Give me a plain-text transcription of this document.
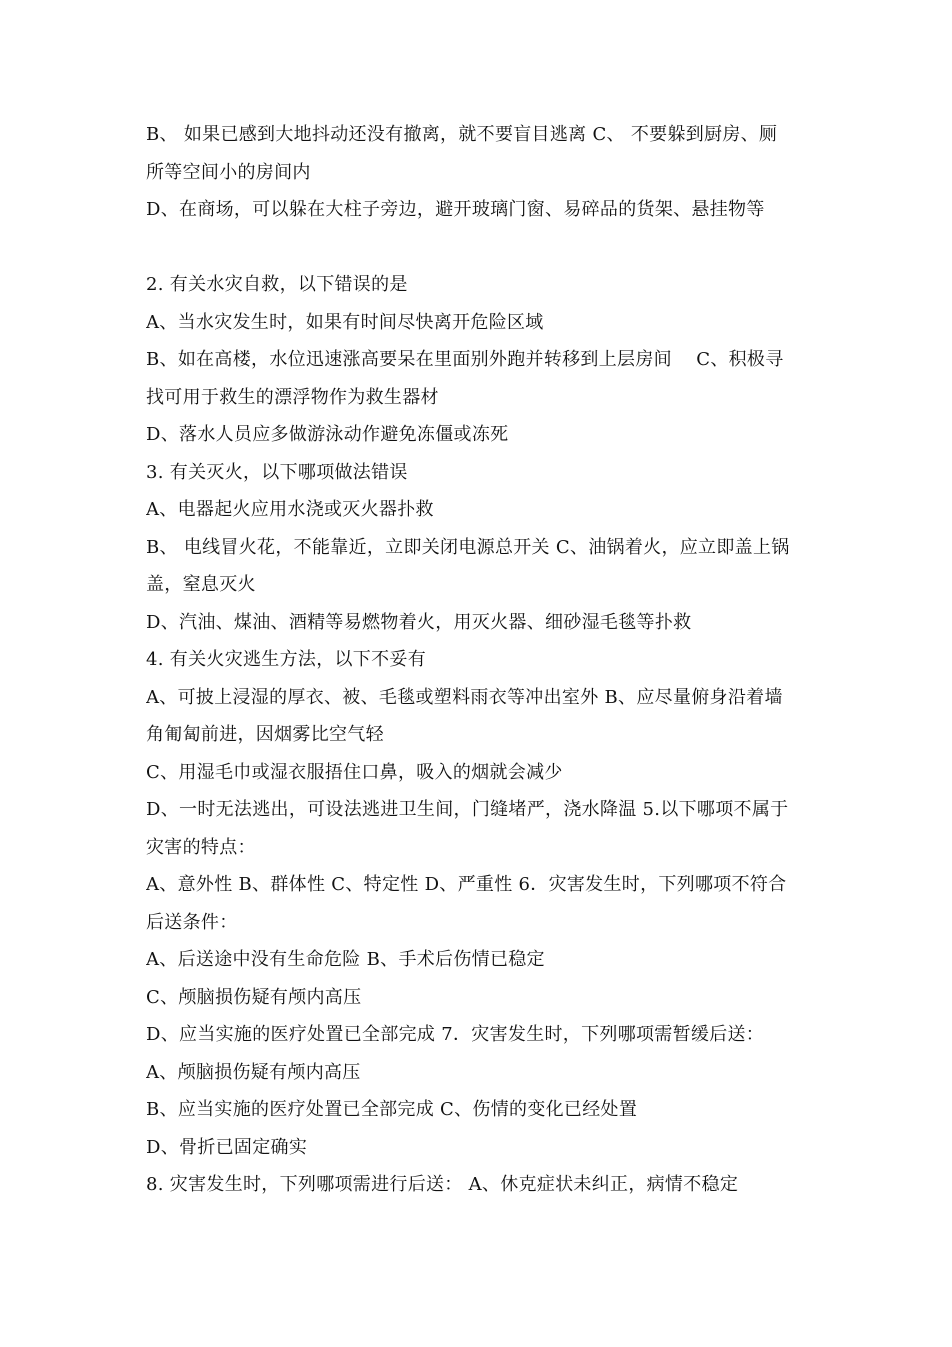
B、 如果已感到大地抖动还没有撤离，就不要盲目逃离 C、 不要躲到厨房、厕
所等空间小的房间内
D、在商场，可以躲在大柱子旁边，避开玻璃门窗、易碎品的货架、悬挂物等
2. 有关水灾自救，以下错误的是
A、当水灾发生时，如果有时间尽快离开危险区域
B、如在高楼，水位迅速涨高要呆在里面别外跑并转移到上层房间　 C、积极寻
找可用于救生的漂浮物作为救生器材
D、落水人员应多做游泳动作避免冻僵或冻死
3. 有关灭火，以下哪项做法错误
A、电器起火应用水浇或灭火器扑救
B、 电线冒火花，不能靠近，立即关闭电源总开关 C、油锅着火，应立即盖上锅
盖，窒息灭火
D、汽油、煤油、酒精等易燃物着火，用灭火器、细砂湿毛毯等扑救
4. 有关火灾逃生方法，以下不妥有
A、可披上浸湿的厚衣、被、毛毯或塑料雨衣等冲出室外 B、应尽量俯身沿着墙
角匍匐前进，因烟雾比空气轻
C、用湿毛巾或湿衣服捂住口鼻，吸入的烟就会减少
D、一时无法逃出，可设法逃进卫生间，门缝堵严，浇水降温 5.以下哪项不属于
灾害的特点：
A、意外性 B、群体性 C、特定性 D、严重性 6．灾害发生时，下列哪项不符合
后送条件：
A、后送途中没有生命危险 B、手术后伤情已稳定
C、颅脑损伤疑有颅内高压
D、应当实施的医疗处置已全部完成 7．灾害发生时，下列哪项需暂缓后送：
A、颅脑损伤疑有颅内高压
B、应当实施的医疗处置已全部完成 C、伤情的变化已经处置
D、骨折已固定确实
8. 灾害发生时，下列哪项需进行后送： A、休克症状未纠正，病情不稳定
